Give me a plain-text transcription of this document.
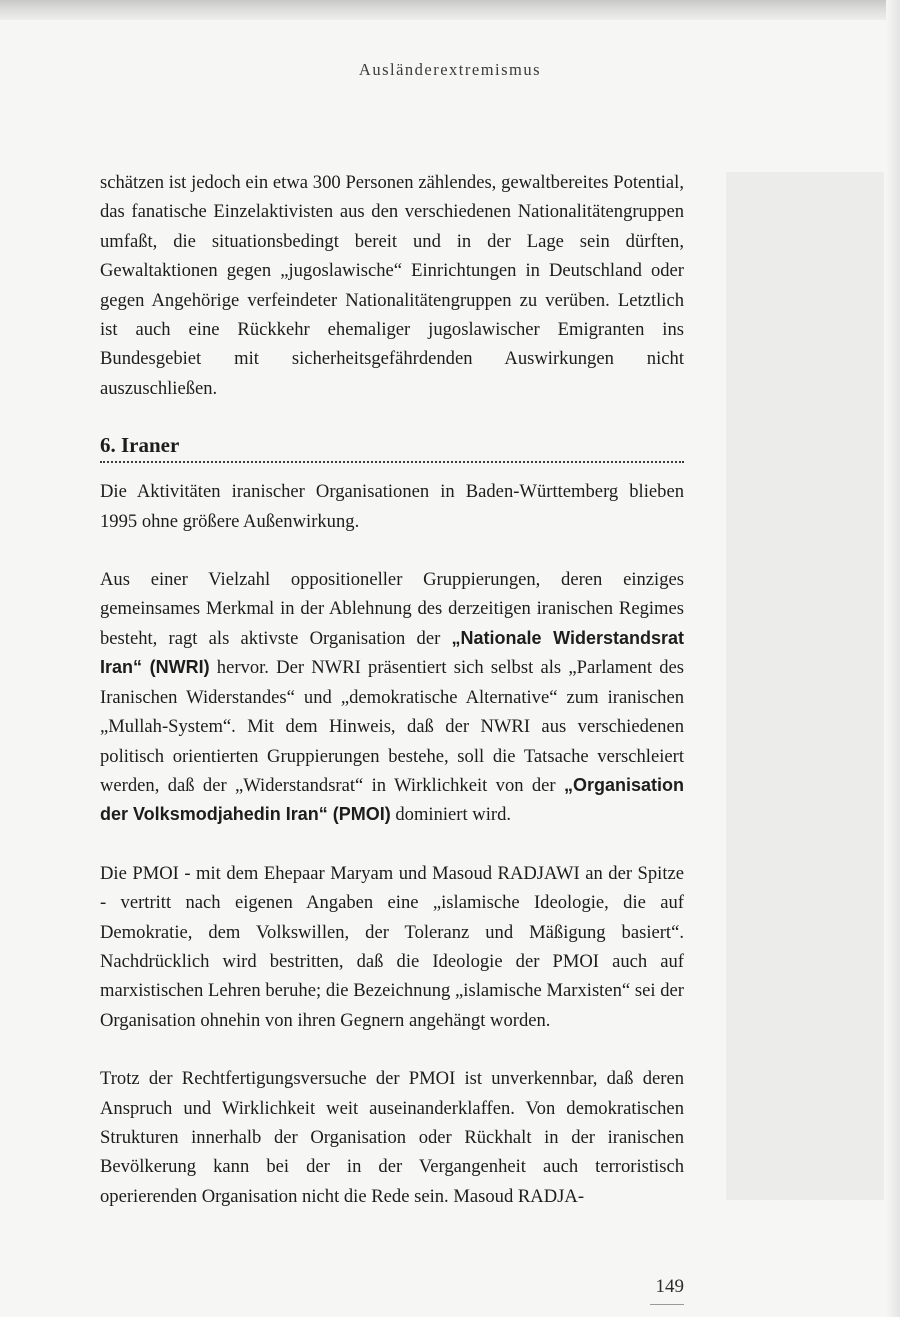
Ausländerextremismus

schätzen ist jedoch ein etwa 300 Personen zählendes, gewaltbereites Potential, das fanatische Einzelaktivisten aus den verschiedenen Nationalitätengruppen umfaßt, die situationsbedingt bereit und in der Lage sein dürften, Gewaltaktionen gegen „jugoslawische“ Einrichtungen in Deutschland oder gegen Angehörige verfeindeter Nationalitätengruppen zu verüben. Letztlich ist auch eine Rückkehr ehemaliger jugoslawischer Emigranten ins Bundesgebiet mit sicherheitsgefährdenden Auswirkungen nicht auszuschließen.

6. Iraner

Die Aktivitäten iranischer Organisationen in Baden-Württemberg blieben 1995 ohne größere Außenwirkung.

Aus einer Vielzahl oppositioneller Gruppierungen, deren einziges gemeinsames Merkmal in der Ablehnung des derzeitigen iranischen Regimes besteht, ragt als aktivste Organisation der „Nationale Widerstandsrat Iran“ (NWRI) hervor. Der NWRI präsentiert sich selbst als „Parlament des Iranischen Widerstandes“ und „demokratische Alternative“ zum iranischen „Mullah-System“. Mit dem Hinweis, daß der NWRI aus verschiedenen politisch orientierten Gruppierungen bestehe, soll die Tatsache verschleiert werden, daß der „Widerstandsrat“ in Wirklichkeit von der „Organisation der Volksmodjahedin Iran“ (PMOI) dominiert wird.

Die PMOI - mit dem Ehepaar Maryam und Masoud RADJAWI an der Spitze - vertritt nach eigenen Angaben eine „islamische Ideologie, die auf Demokratie, dem Volkswillen, der Toleranz und Mäßigung basiert“. Nachdrücklich wird bestritten, daß die Ideologie der PMOI auch auf marxistischen Lehren beruhe; die Bezeichnung „islamische Marxisten“ sei der Organisation ohnehin von ihren Gegnern angehängt worden.

Trotz der Rechtfertigungsversuche der PMOI ist unverkennbar, daß deren Anspruch und Wirklichkeit weit auseinanderklaffen. Von demokratischen Strukturen innerhalb der Organisation oder Rückhalt in der iranischen Bevölkerung kann bei der in der Vergangenheit auch terroristisch operierenden Organisation nicht die Rede sein. Masoud RADJA-

149
